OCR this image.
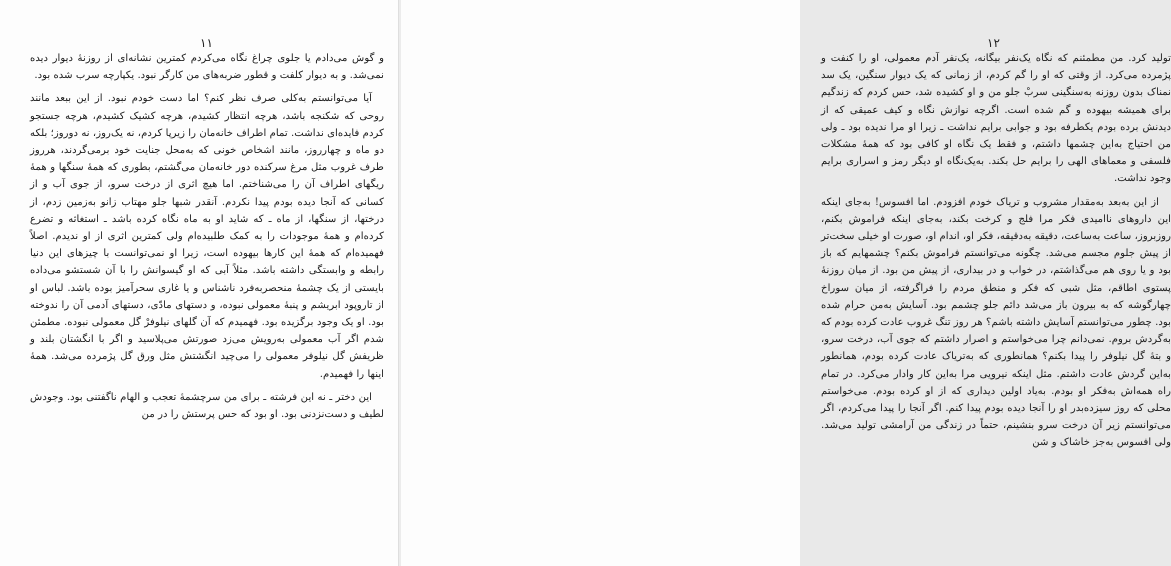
۱۱

و گوش می‌دادم یا جلوی چراغ نگاه می‌کردم کمترین نشانه‌ای از روزنهٔ دیوار دیده نمی‌شد. و به دیوار کلفت و قطور ضربه‌های من کارگر نبود. یکپارچه سرب شده بود.

آیا می‌توانستم به‌کلی صرف نظر کنم؟ اما دست خودم نبود. از این ببعد مانند روحی که شکنجه باشد، هرچه انتظار کشیدم، هرچه کشیک کشیدم، هرچه جستجو کردم فایده‌ای نداشت. تمام اطراف خانه‌مان را زیرپا کردم، نه یک‌روز، نه دوروز؛ بلکه دو ماه و چهارروز، مانند اشخاص خونی که به‌محل جنایت خود برمی‌گردند، هرروز طرف غروب مثل مرغ سرکنده دور خانه‌مان می‌گشتم، بطوری که همهٔ سنگها و همهٔ ریگهای اطراف آن را می‌شناختم. اما هیچ اثری از درخت سرو، از جوی آب و از کسانی که آنجا دیده بودم پیدا نکردم. آنقدر شبها جلو مهتاب زانو به‌زمین زدم، از درختها، از سنگها، از ماه ـ که شاید او به ماه نگاه کرده باشد ـ استغاثه و تضرع کرده‌ام و همهٔ موجودات را به کمک طلبیده‌ام ولی کمترین اثری از او ندیدم. اصلاً فهمیده‌ام که همهٔ این کارها بیهوده است، زیرا او نمی‌توانست با چیزهای این دنیا رابطه و وابستگی داشته باشد. مثلاً آبی که او گیسوانش را با آن شستشو می‌داده بایستی از یک چشمهٔ منحصربه‌فرد ناشناس و یا غاری سحرآمیز بوده باشد. لباس او از تاروپود ابریشم و پنبهٔ معمولی نبوده، و دستهای مادّی، دستهای آدمی آن را ندوخته بود. او یک وجود برگزیده بود. فهمیدم که آن گلهای نیلوفرْ گل معمولی نبوده. مطمئن شدم اگر آب معمولی به‌رویش می‌زد صورتش می‌پلاسید و اگر با انگشتان بلند و ظریفش گل نیلوفر معمولی را می‌چید انگشتش مثل ورق گل پژمرده می‌شد. همهٔ اینها را فهمیدم.

این دختر ـ نه این فرشته ـ برای من سرچشمهٔ تعجب و الهام ناگفتنی بود. وجودش لطیف و دست‌نزدنی بود. او بود که حس پرستش را در من

۱۲

تولید کرد. من مطمئنم که نگاه یک‌نفر بیگانه، یک‌نفر آدم معمولی، او را کنفت و پژمرده می‌کرد. از وقتی که او را گم کردم، از زمانی که یک دیوار سنگین، یک سد نمناک بدون روزنه به‌سنگینی سربْ جلو من و او کشیده شد، حس کردم که زندگیم برای همیشه بیهوده و گم شده است. اگرچه نوازش نگاه و کیف عمیقی که از دیدنش برده بودم یکطرفه بود و جوابی برایم نداشت ـ زیرا او مرا ندیده بود ـ ولی من احتیاج به‌این چشمها داشتم، و فقط یک نگاه او کافی بود که همهٔ مشکلات فلسفی و معماهای الهی را برایم حل بکند. به‌یک‌نگاه او دیگر رمز و اسراری برایم وجود نداشت.

از این به‌بعد به‌مقدار مشروب و تریاک خودم افزودم. اما افسوس! به‌جای اینکه این داروهای ناامیدی فکر مرا فلج و کرخت بکند، به‌جای اینکه فراموش بکنم، روزبروز، ساعت به‌ساعت، دقیقه به‌دقیقه، فکر او، اندام او، صورت او خیلی سخت‌تر از پیش جلوم مجسم می‌شد. چگونه می‌توانستم فراموش بکنم؟ چشمهایم که باز بود و یا روی هم می‌گذاشتم، در خواب و در بیداری، از پیش من بود. از میان روزنهٔ پستوی اطاقم، مثل شبی که فکر و منطق مردم را فراگرفته، از میان سوراخ چهارگوشه که به بیرون باز می‌شد دائم جلو چشمم بود. آسایش به‌من حرام شده بود. چطور می‌توانستم آسایش داشته باشم؟ هر روز تنگ غروب عادت کرده بودم که به‌گردش بروم. نمی‌دانم چرا می‌خواستم و اصرار داشتم که جوی آب، درخت سرو، و بتهٔ گل نیلوفر را پیدا بکنم؟ همانطوری که به‌تریاک عادت کرده بودم، همانطور به‌این گردش عادت داشتم. مثل اینکه نیرویی مرا به‌این کار وادار می‌کرد. در تمام راه همه‌اش به‌فکر او بودم. به‌یاد اولین دیداری که از او کرده بودم. می‌خواستم محلی که روز سیزده‌بدر او را آنجا دیده بودم پیدا کنم. اگر آنجا را پیدا می‌کردم، اگر می‌توانستم زیر آن درخت سرو بنشینم، حتماً در زندگی من آرامشی تولید می‌شد. ولی افسوس به‌جز خاشاک و شن
